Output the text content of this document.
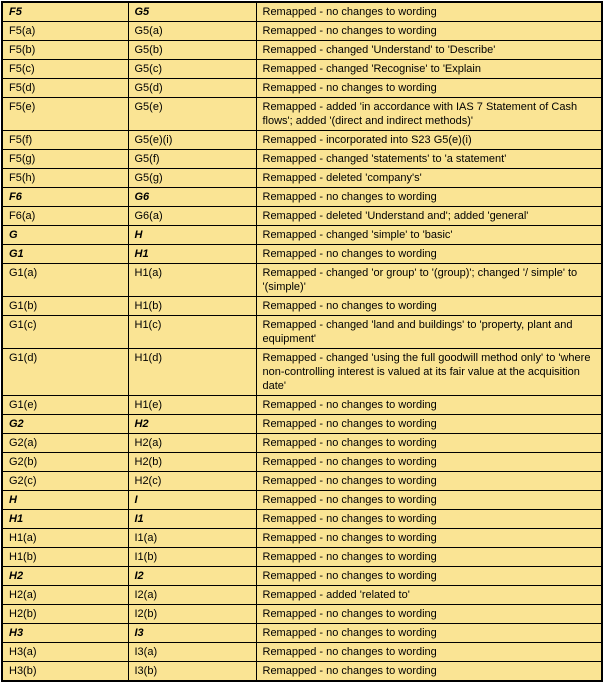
F5	G5	Remapped - no changes to wording
F5(a)	G5(a)	Remapped - no changes to wording
F5(b)	G5(b)	Remapped - changed 'Understand' to 'Describe'
F5(c)	G5(c)	Remapped - changed 'Recognise' to 'Explain
F5(d)	G5(d)	Remapped - no changes to wording
F5(e)	G5(e)	Remapped - added 'in accordance with IAS 7 Statement of Cash flows'; added '(direct and indirect methods)'
F5(f)	G5(e)(i)	Remapped - incorporated into S23 G5(e)(i)
F5(g)	G5(f)	Remapped - changed 'statements' to 'a statement'
F5(h)	G5(g)	Remapped - deleted 'company's'
F6	G6	Remapped - no changes to wording
F6(a)	G6(a)	Remapped - deleted 'Understand and'; added 'general'
G	H	Remapped - changed 'simple' to 'basic'
G1	H1	Remapped - no changes to wording
G1(a)	H1(a)	Remapped - changed 'or group' to '(group)'; changed '/ simple' to '(simple)'
G1(b)	H1(b)	Remapped - no changes to wording
G1(c)	H1(c)	Remapped - changed 'land and buildings' to 'property, plant and equipment'
G1(d)	H1(d)	Remapped - changed 'using the full goodwill method only' to 'where non-controlling interest is valued at its fair value at the acquisition date'
G1(e)	H1(e)	Remapped - no changes to wording
G2	H2	Remapped - no changes to wording
G2(a)	H2(a)	Remapped - no changes to wording
G2(b)	H2(b)	Remapped - no changes to wording
G2(c)	H2(c)	Remapped - no changes to wording
H	I	Remapped - no changes to wording
H1	I1	Remapped - no changes to wording
H1(a)	I1(a)	Remapped - no changes to wording
H1(b)	I1(b)	Remapped - no changes to wording
H2	I2	Remapped - no changes to wording
H2(a)	I2(a)	Remapped - added 'related to'
H2(b)	I2(b)	Remapped - no changes to wording
H3	I3	Remapped - no changes to wording
H3(a)	I3(a)	Remapped - no changes to wording
H3(b)	I3(b)	Remapped - no changes to wording
